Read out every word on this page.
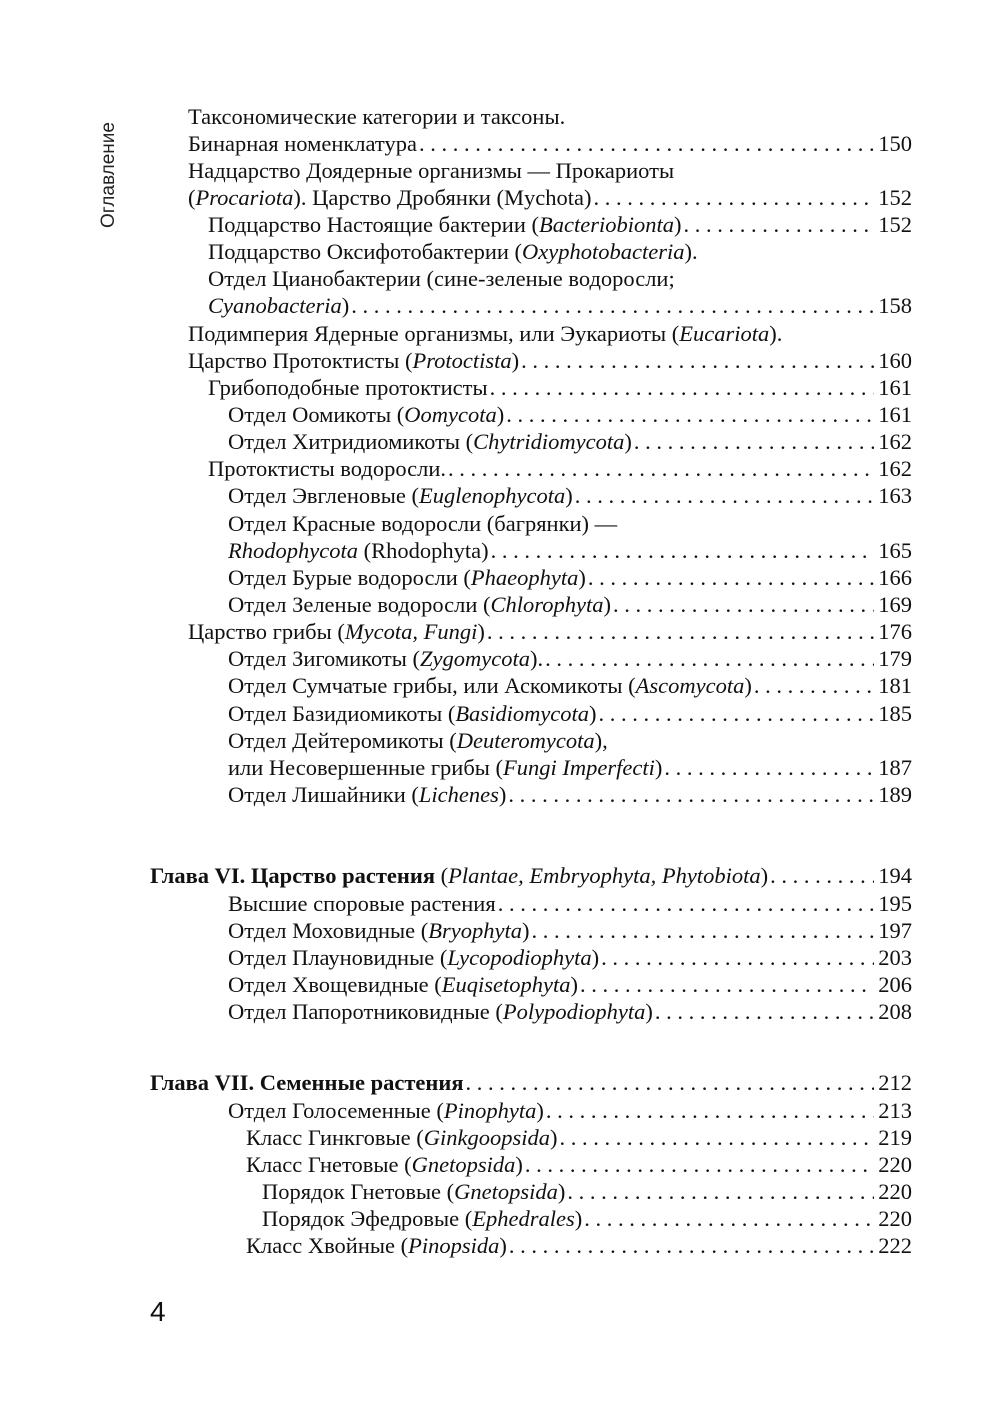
Оглавление
Таксономические категории и таксоны.
Бинарная номенклатура . . .	150
Надцарство Доядерные организмы — Прокариоты
(Procariota). Царство Дробянки (Mychota) . . .	152
Подцарство Настоящие бактерии (Bacteriobionta) . . .	152
Подцарство Оксифотобактерии (Oxyphotobacteria).
Отдел Цианобактерии (сине-зеленые водоросли;
Cyanobacteria) . . .	158
Подимперия Ядерные организмы, или Эукариоты (Eucariota).
Царство Протоктисты (Protoctista) . . .	160
Грибоподобные протоктисты . . .	161
Отдел Оомикоты (Oomycota) . . .	161
Отдел Хитридиомикоты (Chytridiomycota) . . .	162
Протоктисты водоросли. . . .	162
Отдел Эвгленовые (Euglenophycota) . . .	163
Отдел Красные водоросли (багрянки) —
Rhodophycota (Rhodophyta) . . .	165
Отдел Бурые водоросли (Phaeophyta) . . .	166
Отдел Зеленые водоросли (Chlorophyta) . . .	169
Царство грибы (Mycota, Fungi) . . .	176
Отдел Зигомикоты (Zygomycota). . . .	179
Отдел Сумчатые грибы, или Аскомикоты (Ascomycota) . . .	181
Отдел Базидиомикоты (Basidiomycota) . . .	185
Отдел Дейтеромикоты (Deuteromycota),
или Несовершенные грибы (Fungi Imperfecti) . . .	187
Отдел Лишайники (Lichenes) . . .	189
Глава VI. Царство растения (Plantae, Embryophyta, Phytobiota) . . .	194
Высшие споровые растения . . .	195
Отдел Моховидные (Bryophyta) . . .	197
Отдел Плауновидные (Lycopodiophyta) . . .	203
Отдел Хвощевидные (Euqisetophyta) . . .	206
Отдел Папоротниковидные (Polypodiophyta) . . .	208
Глава VII. Семенные растения . . .	212
Отдел Голосеменные (Pinophyta) . . .	213
Класс Гинкговые (Ginkgoopsida) . . .	219
Класс Гнетовые (Gnetopsida) . . .	220
Порядок Гнетовые (Gnetopsida) . . .	220
Порядок Эфедровые (Ephedrales) . . .	220
Класс Хвойные (Pinopsida) . . .	222
4
